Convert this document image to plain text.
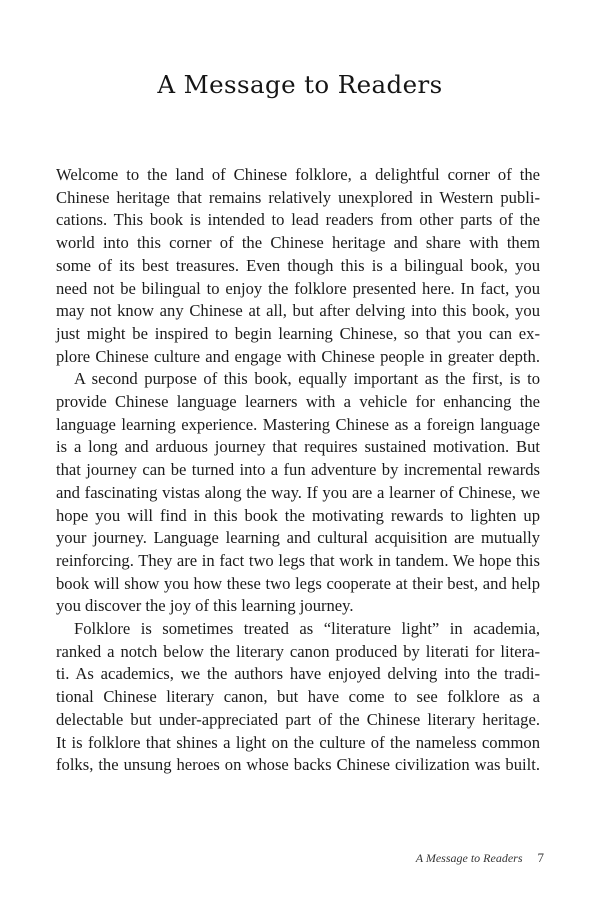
A Message to Readers

Welcome to the land of Chinese folklore, a delightful corner of the
Chinese heritage that remains relatively unexplored in Western publi-
cations. This book is intended to lead readers from other parts of the
world into this corner of the Chinese heritage and share with them
some of its best treasures. Even though this is a bilingual book, you
need not be bilingual to enjoy the folklore presented here. In fact, you
may not know any Chinese at all, but after delving into this book, you
just might be inspired to begin learning Chinese, so that you can ex-
plore Chinese culture and engage with Chinese people in greater depth.

A second purpose of this book, equally important as the first, is to
provide Chinese language learners with a vehicle for enhancing the
language learning experience. Mastering Chinese as a foreign language
is a long and arduous journey that requires sustained motivation. But
that journey can be turned into a fun adventure by incremental rewards
and fascinating vistas along the way. If you are a learner of Chinese, we
hope you will find in this book the motivating rewards to lighten up
your journey. Language learning and cultural acquisition are mutually
reinforcing. They are in fact two legs that work in tandem. We hope this
book will show you how these two legs cooperate at their best, and help
you discover the joy of this learning journey.

Folklore is sometimes treated as “literature light” in academia,
ranked a notch below the literary canon produced by literati for litera-
ti. As academics, we the authors have enjoyed delving into the tradi-
tional Chinese literary canon, but have come to see folklore as a
delectable but under-appreciated part of the Chinese literary heritage.
It is folklore that shines a light on the culture of the nameless common
folks, the unsung heroes on whose backs Chinese civilization was built.

A Message to Readers 7
